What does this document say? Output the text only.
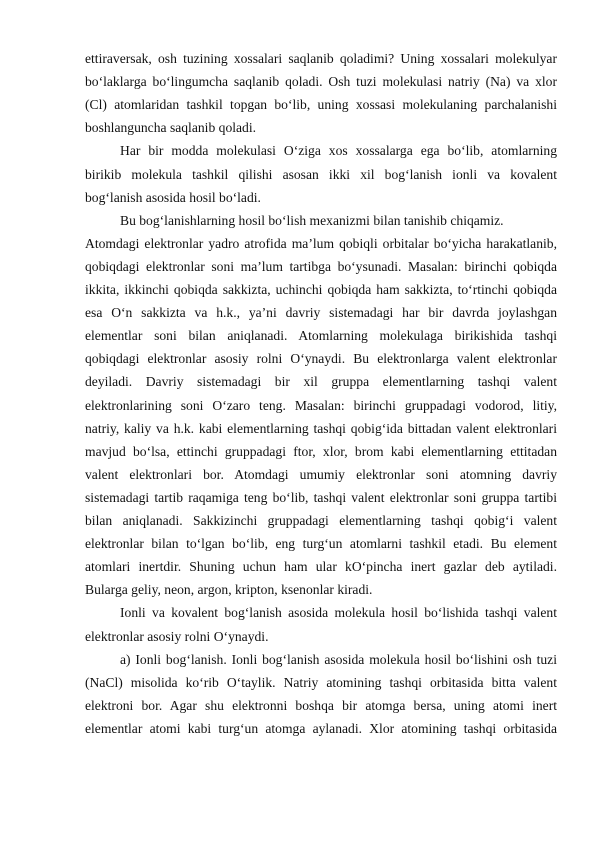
ettiraversak, osh tuzining xossalari saqlanib qoladimi? Uning xossalari molekulyar
bo‘laklarga bo‘lingumcha saqlanib qoladi. Osh tuzi molekulasi natriy (Na) va xlor
(Cl) atomlaridan tashkil topgan bo‘lib, uning xossasi molekulaning parchalanishi
boshlanguncha saqlanib qoladi.
Har bir modda molekulasi O‘ziga xos xossalarga ega bo‘lib, atomlarning
birikib molekula tashkil qilishi asosan ikki xil bog‘lanish ionli va kovalent
bog‘lanish asosida hosil bo‘ladi.
Bu bog‘lanishlarning hosil bo‘lish mexanizmi bilan tanishib chiqamiz.
Atomdagi elektronlar yadro atrofida ma’lum qobiqli orbitalar bo‘yicha harakatlanib,
qobiqdagi elektronlar soni ma’lum tartibga bo‘ysunadi. Masalan: birinchi qobiqda
ikkita, ikkinchi qobiqda sakkizta, uchinchi qobiqda ham sakkizta, to‘rtinchi qobiqda
esa O‘n sakkizta va h.k., ya’ni davriy sistemadagi har bir davrda joylashgan
elementlar soni bilan aniqlanadi. Atomlarning molekulaga birikishida tashqi
qobiqdagi elektronlar asosiy rolni O‘ynaydi. Bu elektronlarga valent elektronlar
deyiladi. Davriy sistemadagi bir xil gruppa elementlarning tashqi valent
elektronlarining soni O‘zaro teng. Masalan: birinchi gruppadagi vodorod, litiy,
natriy, kaliy va h.k. kabi elementlarning tashqi qobig‘ida bittadan valent elektronlari
mavjud bo‘lsa, ettinchi gruppadagi ftor, xlor, brom kabi elementlarning ettitadan
valent elektronlari bor. Atomdagi umumiy elektronlar soni atomning davriy
sistemadagi tartib raqamiga teng bo‘lib, tashqi valent elektronlar soni gruppa tartibi
bilan aniqlanadi. Sakkizinchi gruppadagi elementlarning tashqi qobig‘i valent
elektronlar bilan to‘lgan bo‘lib, eng turg‘un atomlarni tashkil etadi. Bu element
atomlari inertdir. Shuning uchun ham ular kO‘pincha inert gazlar deb aytiladi.
Bularga geliy, neon, argon, kripton, ksenonlar kiradi.
Ionli va kovalent bog‘lanish asosida molekula hosil bo‘lishida tashqi valent
elektronlar asosiy rolni O‘ynaydi.
a) Ionli bog‘lanish. Ionli bog‘lanish asosida molekula hosil bo‘lishini osh tuzi
(NaCl) misolida ko‘rib O‘taylik. Natriy atomining tashqi orbitasida bitta valent
elektroni bor. Agar shu elektronni boshqa bir atomga bersa, uning atomi inert
elementlar atomi kabi turg‘un atomga aylanadi. Xlor atomining tashqi orbitasida
